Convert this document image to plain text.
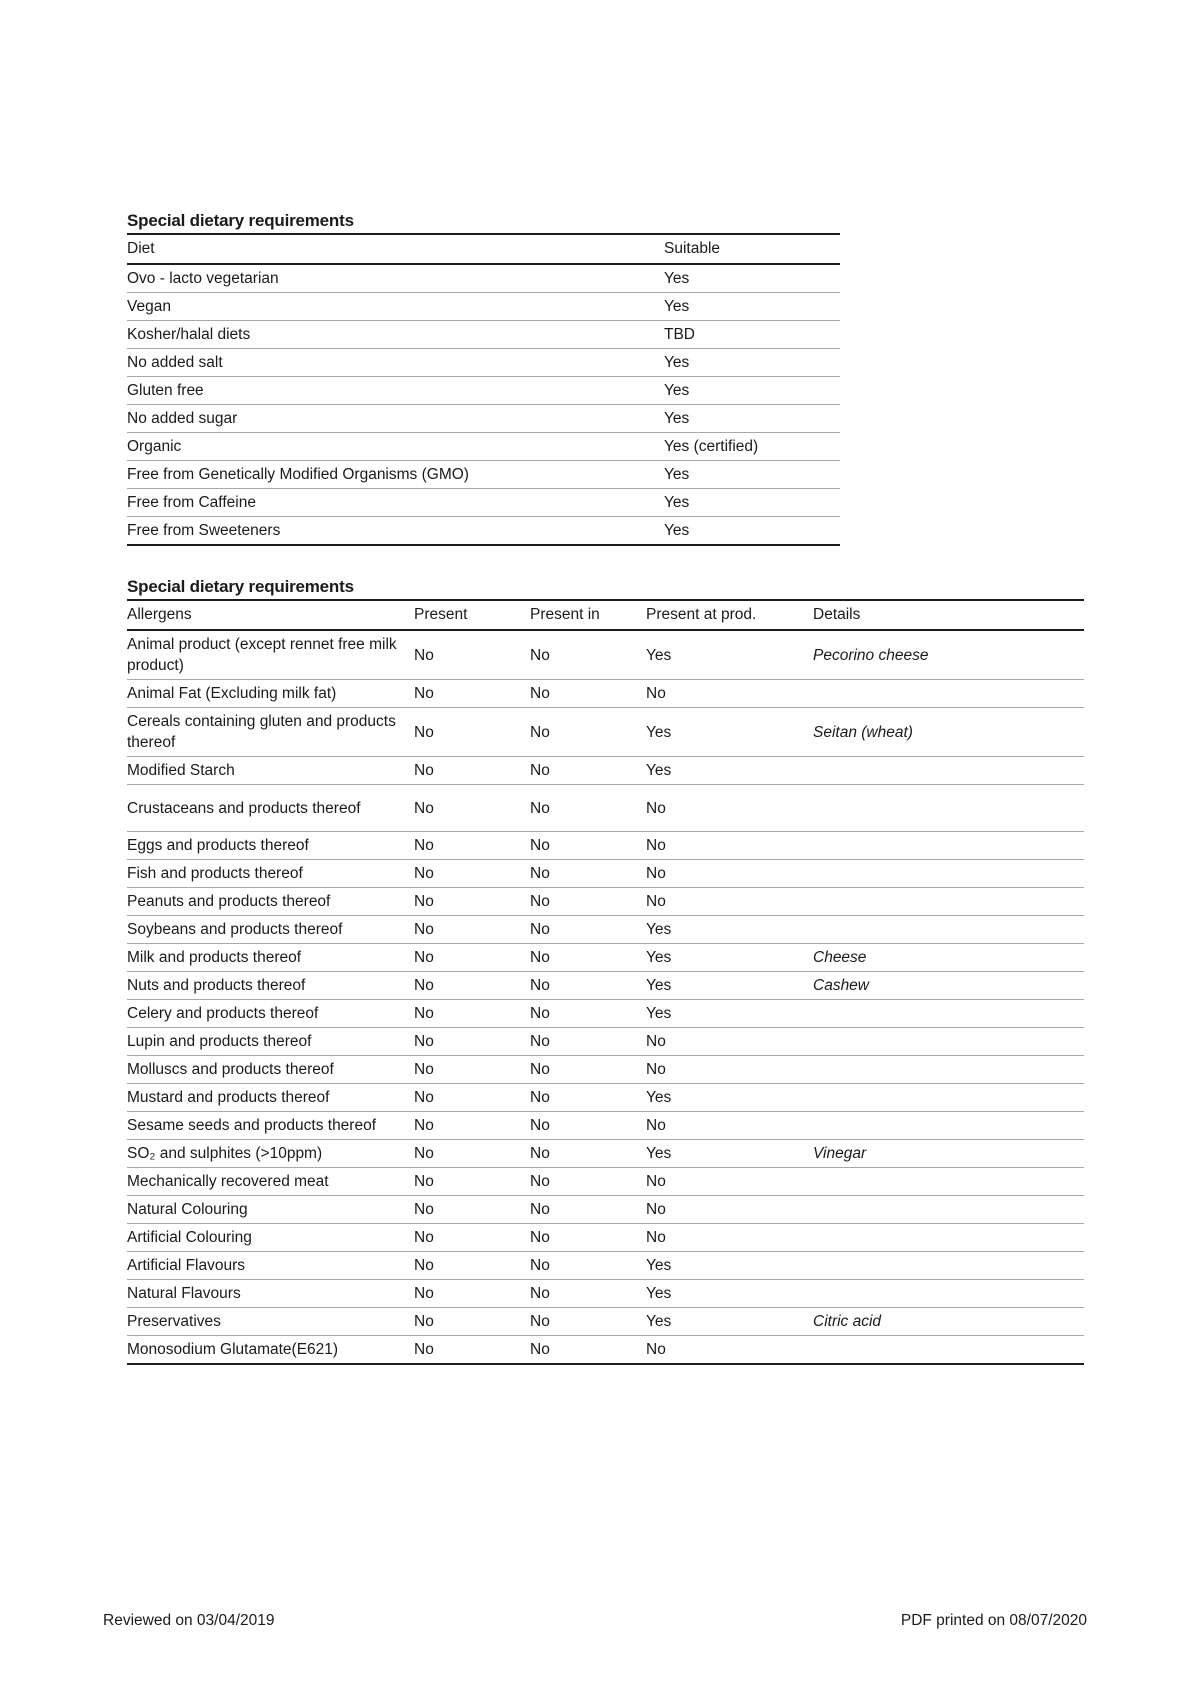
Special dietary requirements
Diet	Suitable
Ovo - lacto vegetarian	Yes
Vegan	Yes
Kosher/halal diets	TBD
No added salt	Yes
Gluten free	Yes
No added sugar	Yes
Organic	Yes (certified)
Free from Genetically Modified Organisms (GMO)	Yes
Free from Caffeine	Yes
Free from Sweeteners	Yes
Special dietary requirements
Allergens	Present	Present in	Present at prod.	Details
Animal product (except rennet free milk product)	No	No	Yes	Pecorino cheese
Animal Fat (Excluding milk fat)	No	No	No	
Cereals containing gluten and products thereof	No	No	Yes	Seitan (wheat)
Modified Starch	No	No	Yes	
Crustaceans and products thereof	No	No	No	
Eggs and products thereof	No	No	No	
Fish and products thereof	No	No	No	
Peanuts and products thereof	No	No	No	
Soybeans and products thereof	No	No	Yes	
Milk and products thereof	No	No	Yes	Cheese
Nuts and products thereof	No	No	Yes	Cashew
Celery and products thereof	No	No	Yes	
Lupin and products thereof	No	No	No	
Molluscs and products thereof	No	No	No	
Mustard and products thereof	No	No	Yes	
Sesame seeds and products thereof	No	No	No	
SO₂ and sulphites (>10ppm)	No	No	Yes	Vinegar
Mechanically recovered meat	No	No	No	
Natural Colouring	No	No	No	
Artificial Colouring	No	No	No	
Artificial Flavours	No	No	Yes	
Natural Flavours	No	No	Yes	
Preservatives	No	No	Yes	Citric acid
Monosodium Glutamate(E621)	No	No	No	
Reviewed on 03/04/2019	PDF printed on 08/07/2020
